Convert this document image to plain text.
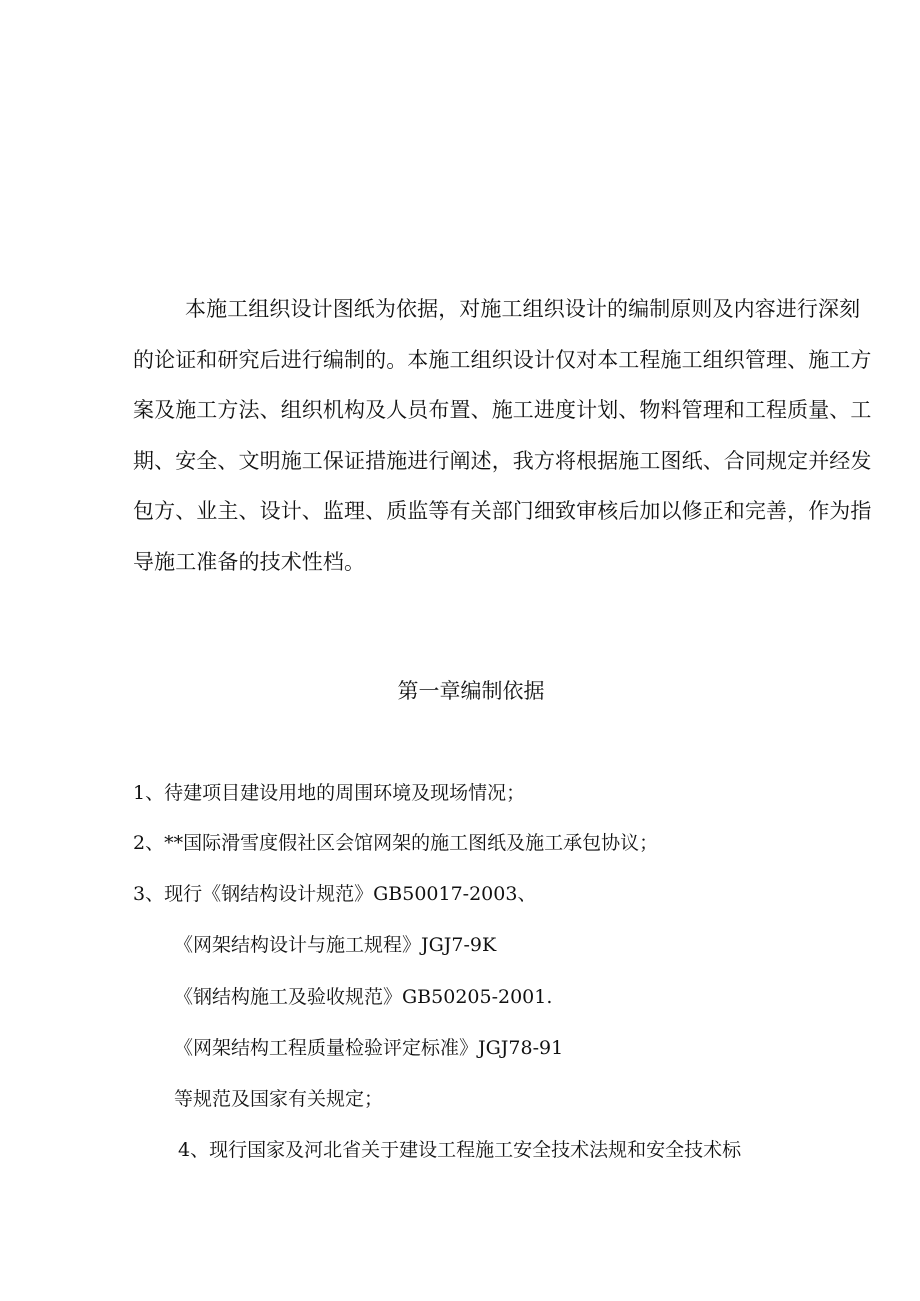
本施工组织设计图纸为依据，对施工组织设计的编制原则及内容进行深刻
的论证和研究后进行编制的。本施工组织设计仅对本工程施工组织管理、施工方
案及施工方法、组织机构及人员布置、施工进度计划、物料管理和工程质量、工
期、安全、文明施工保证措施进行阐述，我方将根据施工图纸、合同规定并经发
包方、业主、设计、监理、质监等有关部门细致审核后加以修正和完善，作为指
导施工准备的技术性档。
第一章编制依据
1、待建项目建设用地的周围环境及现场情况；
2、**国际滑雪度假社区会馆网架的施工图纸及施工承包协议；
3、现行《钢结构设计规范》GB50017-2003、
《网架结构设计与施工规程》JGJ7-9K
《钢结构施工及验收规范》GB50205-2001.
《网架结构工程质量检验评定标准》JGJ78-91
等规范及国家有关规定；
4、现行国家及河北省关于建设工程施工安全技术法规和安全技术标
